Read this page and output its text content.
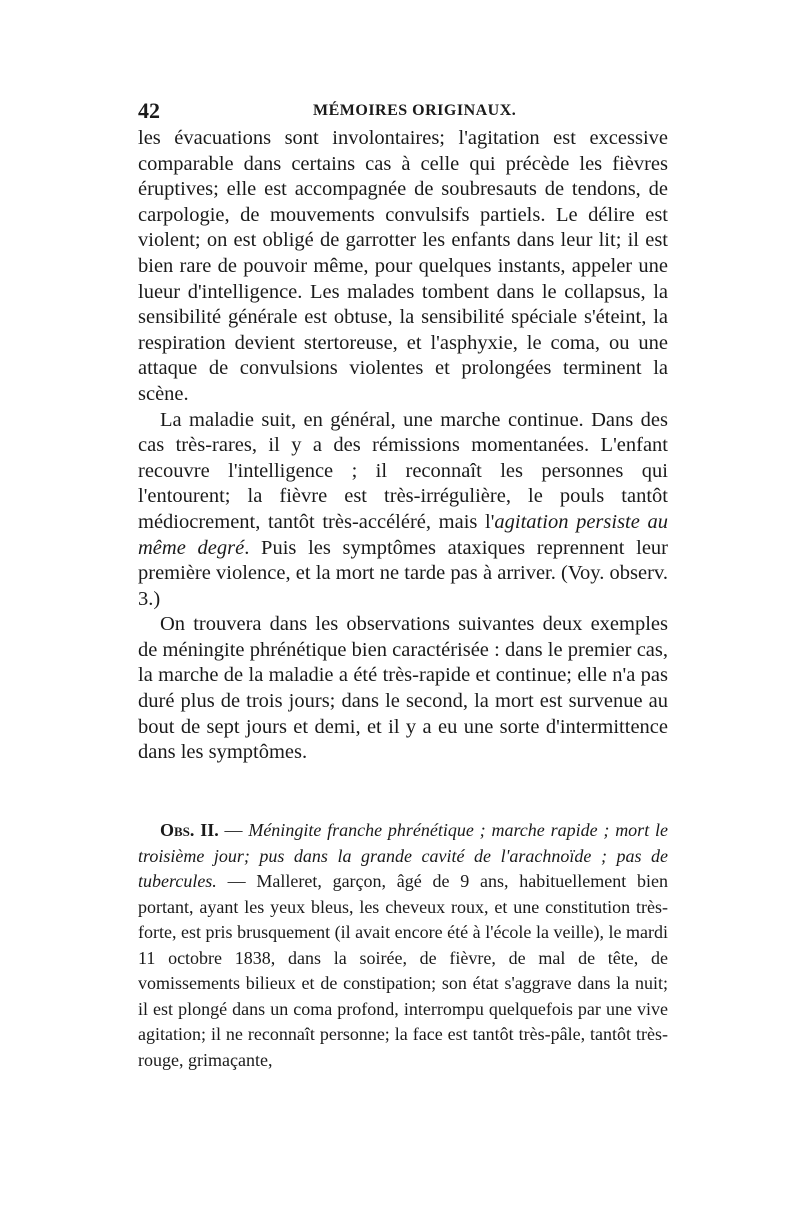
42	MÉMOIRES ORIGINAUX.

les évacuations sont involontaires; l'agitation est excessive comparable dans certains cas à celle qui précède les fièvres éruptives; elle est accompagnée de soubresauts de tendons, de carpologie, de mouvements convulsifs partiels. Le délire est violent; on est obligé de garrotter les enfants dans leur lit; il est bien rare de pouvoir même, pour quelques instants, appeler une lueur d'intelligence. Les malades tombent dans le collapsus, la sensibilité générale est obtuse, la sensibilité spéciale s'éteint, la respiration devient stertoreuse, et l'asphyxie, le coma, ou une attaque de convulsions violentes et prolongées terminent la scène.

La maladie suit, en général, une marche continue. Dans des cas très-rares, il y a des rémissions momentanées. L'enfant recouvre l'intelligence ; il reconnaît les personnes qui l'entourent; la fièvre est très-irrégulière, le pouls tantôt médiocrement, tantôt très-accéléré, mais l'agitation persiste au même degré. Puis les symptômes ataxiques reprennent leur première violence, et la mort ne tarde pas à arriver. (Voy. observ. 3.)

On trouvera dans les observations suivantes deux exemples de méningite phrénétique bien caractérisée : dans le premier cas, la marche de la maladie a été très-rapide et continue; elle n'a pas duré plus de trois jours; dans le second, la mort est survenue au bout de sept jours et demi, et il y a eu une sorte d'intermittence dans les symptômes.

Obs. II. — Méningite franche phrénétique ; marche rapide ; mort le troisième jour; pus dans la grande cavité de l'arachnoïde ; pas de tubercules. — Malleret, garçon, âgé de 9 ans, habituellement bien portant, ayant les yeux bleus, les cheveux roux, et une constitution très-forte, est pris brusquement (il avait encore été à l'école la veille), le mardi 11 octobre 1838, dans la soirée, de fièvre, de mal de tête, de vomissements bilieux et de constipation; son état s'aggrave dans la nuit; il est plongé dans un coma profond, interrompu quelquefois par une vive agitation; il ne reconnaît personne; la face est tantôt très-pâle, tantôt très-rouge, grimaçante,
